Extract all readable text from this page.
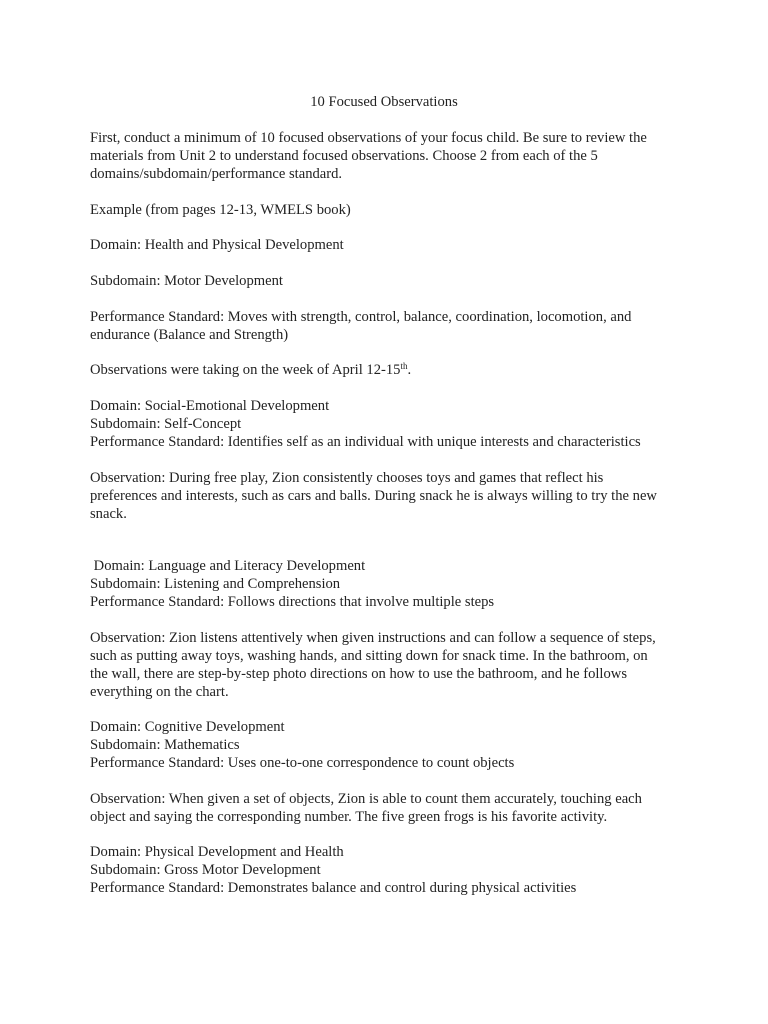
10 Focused Observations
First, conduct a minimum of 10 focused observations of your focus child. Be sure to review the
materials from Unit 2 to understand focused observations. Choose 2 from each of the 5
domains/subdomain/performance standard.
Example (from pages 12-13, WMELS book)
Domain: Health and Physical Development
Subdomain: Motor Development
Performance Standard: Moves with strength, control, balance, coordination, locomotion, and
endurance (Balance and Strength)
Observations were taking on the week of April 12-15th.
Domain: Social-Emotional Development
Subdomain: Self-Concept
Performance Standard: Identifies self as an individual with unique interests and characteristics
Observation: During free play, Zion consistently chooses toys and games that reflect his
preferences and interests, such as cars and balls. During snack he is always willing to try the new
snack.
Domain: Language and Literacy Development
Subdomain: Listening and Comprehension
Performance Standard: Follows directions that involve multiple steps
Observation: Zion listens attentively when given instructions and can follow a sequence of steps,
such as putting away toys, washing hands, and sitting down for snack time. In the bathroom, on
the wall, there are step-by-step photo directions on how to use the bathroom, and he follows
everything on the chart.
Domain: Cognitive Development
Subdomain: Mathematics
Performance Standard: Uses one-to-one correspondence to count objects
Observation: When given a set of objects, Zion is able to count them accurately, touching each
object and saying the corresponding number. The five green frogs is his favorite activity.
Domain: Physical Development and Health
Subdomain: Gross Motor Development
Performance Standard: Demonstrates balance and control during physical activities
